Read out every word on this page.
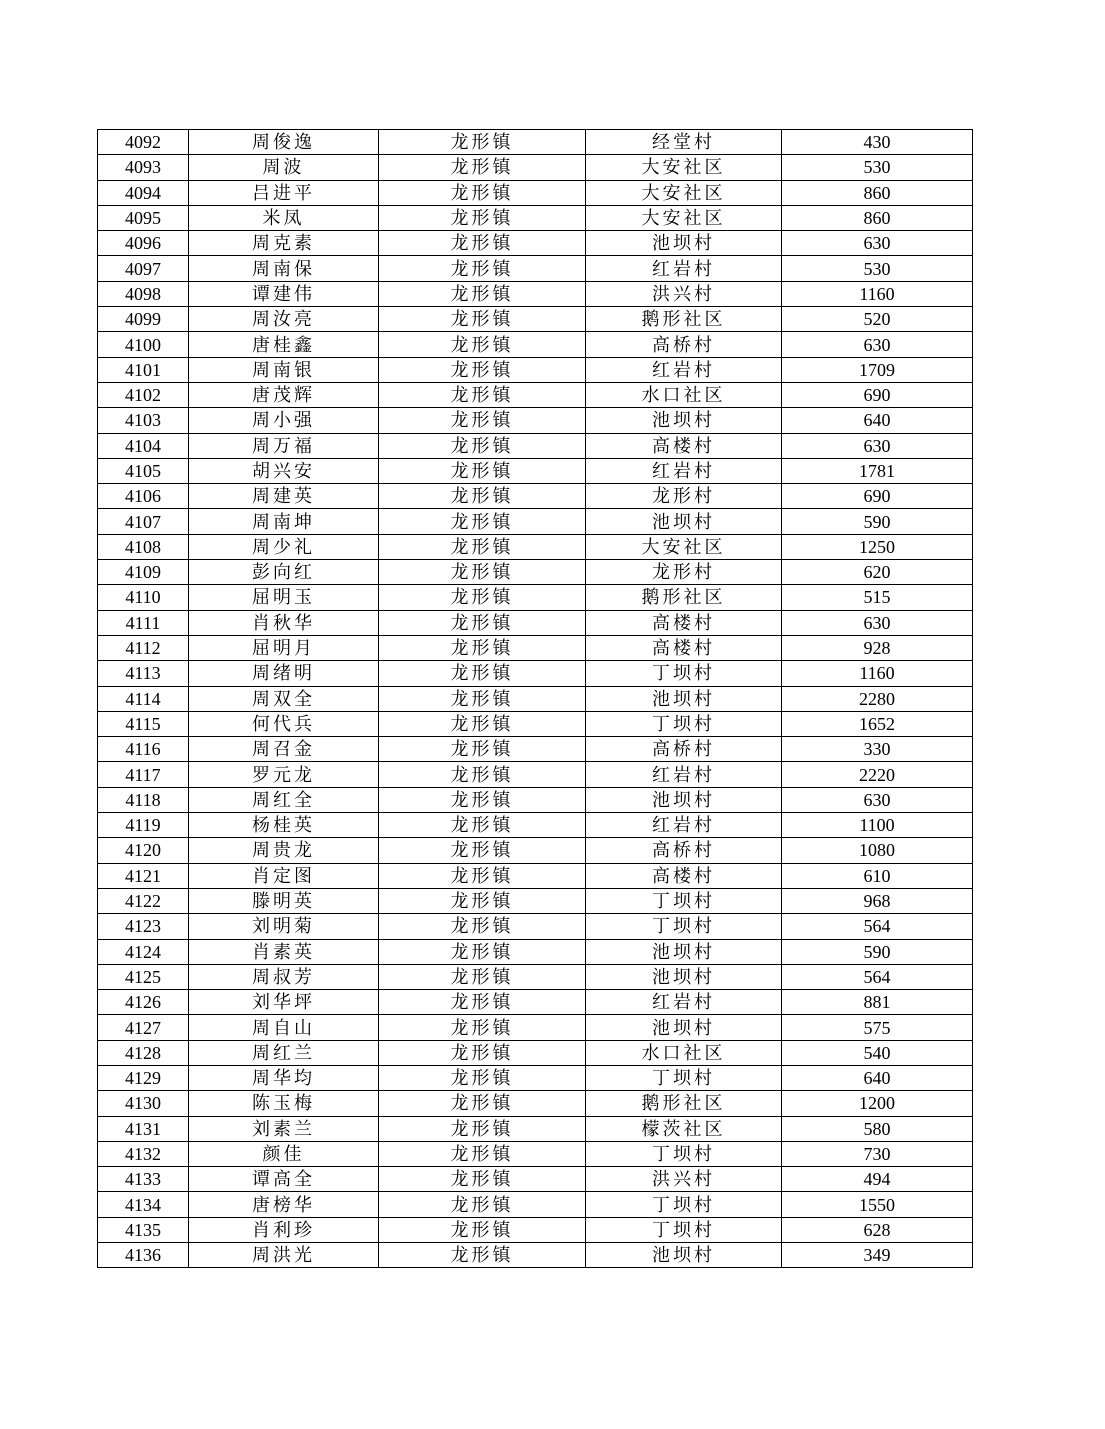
4092	周俊逸	龙形镇	经堂村	430
4093	周波	龙形镇	大安社区	530
4094	吕进平	龙形镇	大安社区	860
4095	米凤	龙形镇	大安社区	860
4096	周克素	龙形镇	池坝村	630
4097	周南保	龙形镇	红岩村	530
4098	谭建伟	龙形镇	洪兴村	1160
4099	周汝亮	龙形镇	鹅形社区	520
4100	唐桂鑫	龙形镇	高桥村	630
4101	周南银	龙形镇	红岩村	1709
4102	唐茂辉	龙形镇	水口社区	690
4103	周小强	龙形镇	池坝村	640
4104	周万福	龙形镇	高楼村	630
4105	胡兴安	龙形镇	红岩村	1781
4106	周建英	龙形镇	龙形村	690
4107	周南坤	龙形镇	池坝村	590
4108	周少礼	龙形镇	大安社区	1250
4109	彭向红	龙形镇	龙形村	620
4110	屈明玉	龙形镇	鹅形社区	515
4111	肖秋华	龙形镇	高楼村	630
4112	屈明月	龙形镇	高楼村	928
4113	周绪明	龙形镇	丁坝村	1160
4114	周双全	龙形镇	池坝村	2280
4115	何代兵	龙形镇	丁坝村	1652
4116	周召金	龙形镇	高桥村	330
4117	罗元龙	龙形镇	红岩村	2220
4118	周红全	龙形镇	池坝村	630
4119	杨桂英	龙形镇	红岩村	1100
4120	周贵龙	龙形镇	高桥村	1080
4121	肖定图	龙形镇	高楼村	610
4122	滕明英	龙形镇	丁坝村	968
4123	刘明菊	龙形镇	丁坝村	564
4124	肖素英	龙形镇	池坝村	590
4125	周叔芳	龙形镇	池坝村	564
4126	刘华坪	龙形镇	红岩村	881
4127	周自山	龙形镇	池坝村	575
4128	周红兰	龙形镇	水口社区	540
4129	周华均	龙形镇	丁坝村	640
4130	陈玉梅	龙形镇	鹅形社区	1200
4131	刘素兰	龙形镇	檬茨社区	580
4132	颜佳	龙形镇	丁坝村	730
4133	谭高全	龙形镇	洪兴村	494
4134	唐榜华	龙形镇	丁坝村	1550
4135	肖利珍	龙形镇	丁坝村	628
4136	周洪光	龙形镇	池坝村	349
